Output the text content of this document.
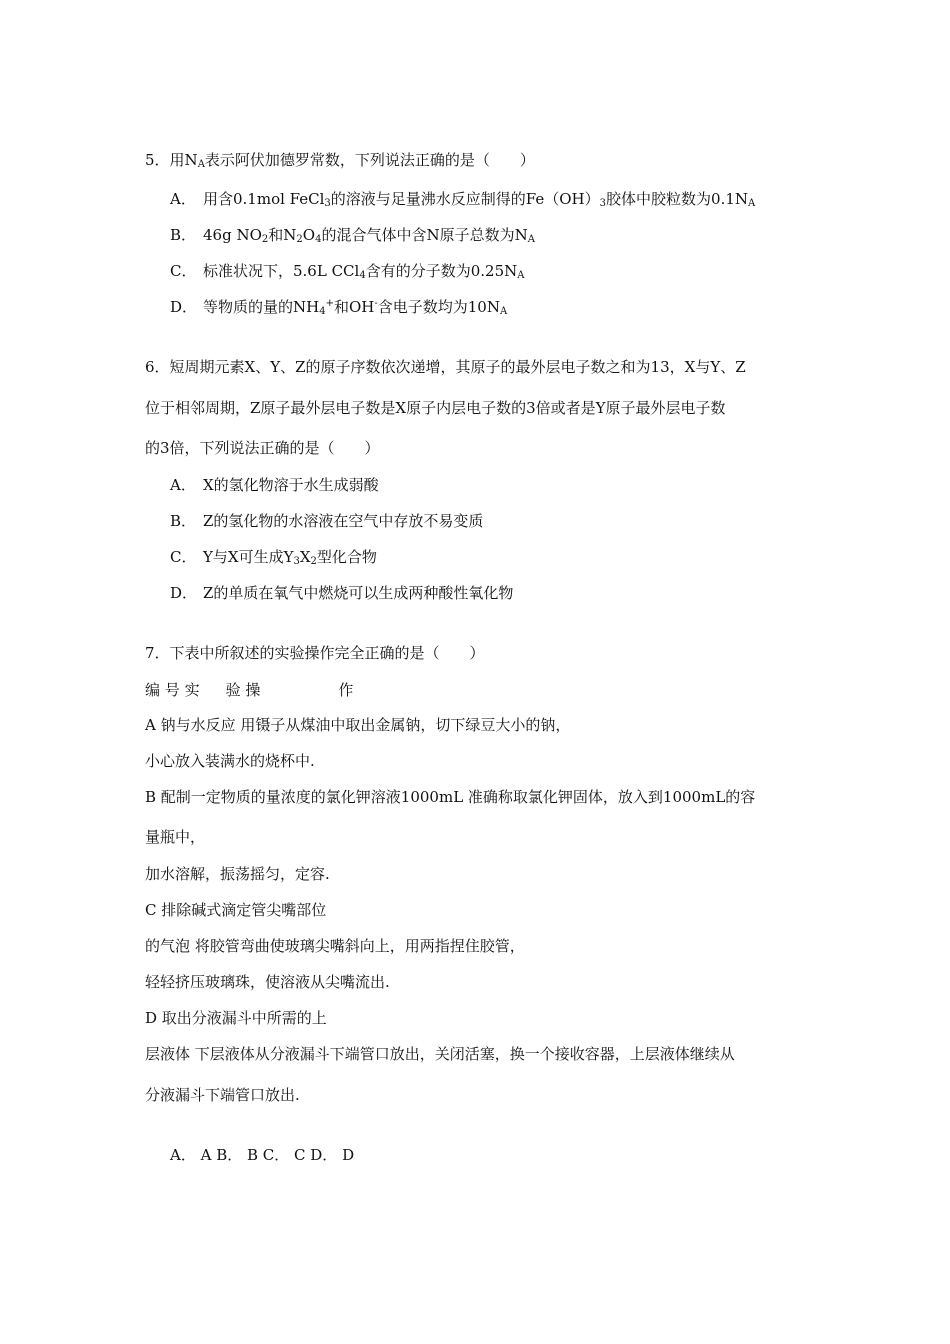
5．用$N_A$表示阿伏加德罗常数，下列说法正确的是（　　）
A． 用含0.1mol FeCl$_3$的溶液与足量沸水反应制得的$Fe(OH)_3$胶体中胶粒数为$0.1N_A$
B． 46g $NO_2$和$N_2O_4$的混合气体中含N原子总数为$N_A$
C． 标准状况下，5.6L CCl$_4$含有的分子数为$0.25N_A$
D． 等物质的量的$NH_4^+$和OH-含电子数均为$10N_A$
6．短周期元素X、Y、Z的原子序数依次递增，其原子的最外层电子数之和为13，X与Y、Z
位于相邻周期，Z原子最外层电子数是X原子内层电子数的3倍或者是Y原子最外层电子数
的3倍，下列说法正确的是（　　）
A． X的氢化物溶于水生成弱酸
B． Z的氢化物的水溶液在空气中存放不易变质
C． Y与X可生成$Y_3X_2$型化合物
D． Z的单质在氧气中燃烧可以生成两种酸性氧化物
7．下表中所叙述的实验操作完全正确的是（　　）
编 号 实 验 操	作
A 钠与水反应 用镊子从煤油中取出金属钠，切下绿豆大小的钠，
小心放入装满水的烧杯中.
B 配制一定物质的量浓度的氯化钾溶液1000mL 准确称取氯化钾固体，放入到1000mL的容
量瓶中，
加水溶解，振荡摇匀，定容.
C 排除碱式滴定管尖嘴部位
的气泡 将胶管弯曲使玻璃尖嘴斜向上，用两指捏住胶管，
轻轻挤压玻璃珠，使溶液从尖嘴流出.
D 取出分液漏斗中所需的上
层液体 下层液体从分液漏斗下端管口放出，关闭活塞，换一个接收容器，上层液体继续从
分液漏斗下端管口放出.
A． A B． B C． C D． D
